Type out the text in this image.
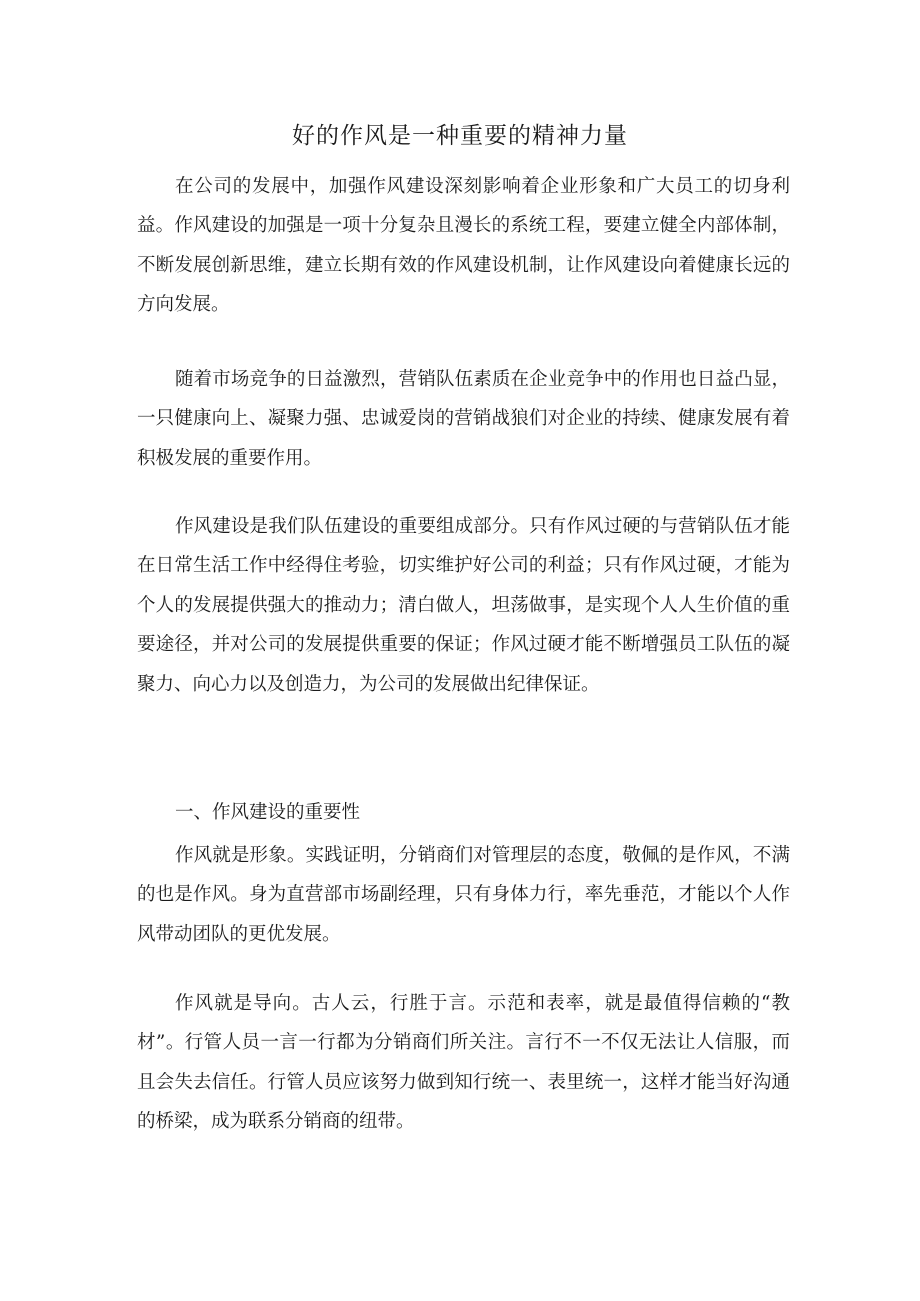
好的作风是一种重要的精神力量

在公司的发展中，加强作风建设深刻影响着企业形象和广大员工的切身利益。作风建设的加强是一项十分复杂且漫长的系统工程，要建立健全内部体制，不断发展创新思维，建立长期有效的作风建设机制，让作风建设向着健康长远的方向发展。

随着市场竞争的日益激烈，营销队伍素质在企业竞争中的作用也日益凸显，一只健康向上、凝聚力强、忠诚爱岗的营销战狼们对企业的持续、健康发展有着积极发展的重要作用。

作风建设是我们队伍建设的重要组成部分。只有作风过硬的与营销队伍才能在日常生活工作中经得住考验，切实维护好公司的利益；只有作风过硬，才能为个人的发展提供强大的推动力；清白做人，坦荡做事，是实现个人人生价值的重要途径，并对公司的发展提供重要的保证；作风过硬才能不断增强员工队伍的凝聚力、向心力以及创造力，为公司的发展做出纪律保证。

一、作风建设的重要性

作风就是形象。实践证明，分销商们对管理层的态度，敬佩的是作风，不满的也是作风。身为直营部市场副经理，只有身体力行，率先垂范，才能以个人作风带动团队的更优发展。

作风就是导向。古人云，行胜于言。示范和表率，就是最值得信赖的“教材”。行管人员一言一行都为分销商们所关注。言行不一不仅无法让人信服，而且会失去信任。行管人员应该努力做到知行统一、表里统一，这样才能当好沟通的桥梁，成为联系分销商的纽带。
